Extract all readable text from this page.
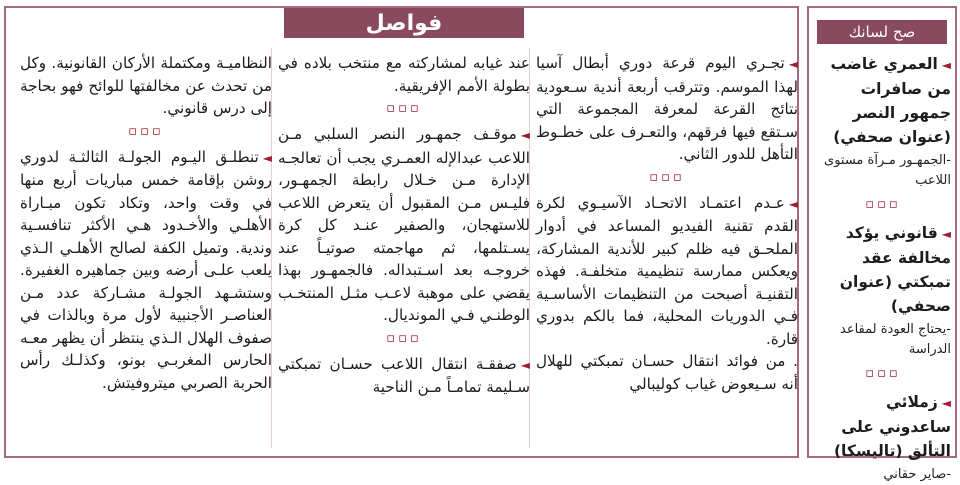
فواصل

◄تجـري اليوم قرعة دوري أبطال آسيا لهذا الموسم. وتترقب أربعة أندية سـعودية نتائج القرعة لمعرفة المجموعة التي سـتقع فيها فرقهم، والتعـرف على خطـوط التأهل للدور الثاني.

▫▫▫

◄عـدم اعتمـاد الاتحـاد الآسيـوي لكرة القدم تقنية الفيديو المساعد في أدوار الملحـق فيه ظلم كبير للأندية المشاركة، ويعكس ممارسة تنظيمية متخلفـة. فهذه التقنيـة أصبحت من التنظيمات الأساسـية فـي الدوريات المحلية، فما بالكم بدوري قارة.

. من فوائد انتقال حسـان تمبكتي للهلال أنه سـيعوض غياب كوليبالي

عند غيابه لمشاركته مع منتخب بلاده في بطولة الأمم الإفريقية.

▫▫▫

◄موقـف جمهـور النصر السلبي مـن اللاعب عبدالإله العمـري يجب أن تعالجـه الإدارة مـن خـلال رابطة الجمهـور، فليـس مـن المقبول أن يتعرض اللاعب للاستهجان، والصفير عنـد كل كرة يسـتلمها، ثم مهاجمته صوتيـاً عند خروجـه بعد اسـتبداله. فالجمهـور بهذا يقضي على موهبة لاعـب مثـل المنتخـب الوطنـي فـي المونديال.

▫▫▫

◄صفقـة انتقال اللاعب حسـان تمبكتي سـليمة تمامـاً مـن الناحية

النظاميـة ومكتملة الأركان القانونية. وكل من تحدث عن مخالفتها للوائح فهو بحاجة إلى درس قانوني.

▫▫▫

◄تنطلـق اليـوم الجولـة الثالثـة لدوري روشن بإقامة خمس مباريات أربع منها في وقت واحد، وتكاد تكون مبـاراة الأهلـي والأخـدود هـي الأكثر تنافسـية وندية. وتميل الكفة لصالح الأهلـي الـذي يلعب علـى أرضه وبين جماهيره الغفيرة. وستشـهد الجولـة مشـاركة عدد مـن العناصـر الأجنبية لأول مرة وبالذات في صفوف الهلال الـذي ينتظر أن يظهر معـه الحارس المغربـي بونو، وكذلـك رأس الحربة الصربي ميتروفيتش.

صح لسانك

◄العمري غاضب من صافرات جمهور النصر (عنوان صحفي)

-الجمهـور مـرآة مستوى اللاعب

▫▫▫

◄قانوني يؤكد مخالفة عقد تمبكتي (عنوان صحفي)

-يحتاج العودة لمقاعد الدراسة

▫▫▫

◄زملائي ساعدوني على التألق (تاليسكا)

-صاير حقاني
